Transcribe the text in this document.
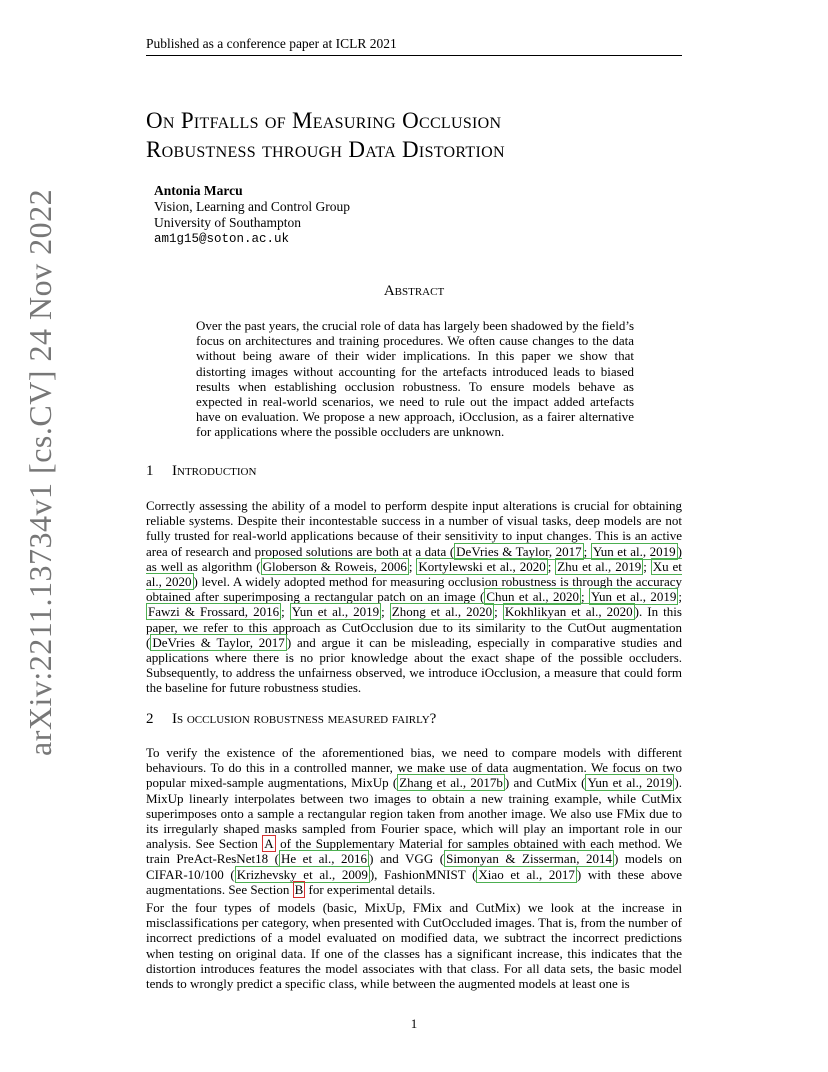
arXiv:2211.13734v1 [cs.CV] 24 Nov 2022
Published as a conference paper at ICLR 2021
On Pitfalls of Measuring Occlusion
Robustness through Data Distortion
Antonia Marcu
Vision, Learning and Control Group
University of Southampton
am1g15@soton.ac.uk
Abstract
Over the past years, the crucial role of data has largely been shadowed by the field’s focus on architectures and training procedures. We often cause changes to the data without being aware of their wider implications. In this paper we show that distorting images without accounting for the artefacts introduced leads to biased results when establishing occlusion robustness. To ensure models behave as expected in real-world scenarios, we need to rule out the impact added artefacts have on evaluation. We propose a new approach, iOcclusion, as a fairer alternative for applications where the possible occluders are unknown.
1 Introduction

Correctly assessing the ability of a model to perform despite input alterations is crucial for obtaining reliable systems. Despite their incontestable success in a number of visual tasks, deep models are not fully trusted for real-world applications because of their sensitivity to input changes. This is an active area of research and proposed solutions are both at a data ( DeVries & Taylor, 2017 ; Yun et al., 2019 ) as well as algorithm ( Globerson & Roweis, 2006 ; Kortylewski et al., 2020 ; Zhu et al., 2019 ; Xu et al., 2020 ) level. A widely adopted method for measuring occlusion robustness is through the accuracy obtained after superimposing a rectangular patch on an image ( Chun et al., 2020 ; Yun et al., 2019 ; Fawzi & Frossard, 2016 ; Yun et al., 2019 ; Zhong et al., 2020 ; Kokhlikyan et al., 2020 ). In this paper, we refer to this approach as CutOcclusion due to its similarity to the CutOut augmentation ( DeVries & Taylor, 2017 ) and argue it can be misleading, especially in comparative studies and applications where there is no prior knowledge about the exact shape of the possible occluders. Subsequently, to address the unfairness observed, we introduce iOcclusion, a measure that could form the baseline for future robustness studies.

2 Is occlusion robustness measured fairly?

To verify the existence of the aforementioned bias, we need to compare models with different behaviours. To do this in a controlled manner, we make use of data augmentation. We focus on two popular mixed-sample augmentations, MixUp ( Zhang et al., 2017b ) and CutMix ( Yun et al., 2019 ). MixUp linearly interpolates between two images to obtain a new training example, while CutMix superimposes onto a sample a rectangular region taken from another image. We also use FMix due to its irregularly shaped masks sampled from Fourier space, which will play an important role in our analysis. See Section A of the Supplementary Material for samples obtained with each method. We train PreAct-ResNet18 ( He et al., 2016 ) and VGG ( Simonyan & Zisserman, 2014 ) models on CIFAR-10/100 ( Krizhevsky et al., 2009 ), FashionMNIST ( Xiao et al., 2017 ) with these above augmentations. See Section B for experimental details.

For the four types of models (basic, MixUp, FMix and CutMix) we look at the increase in misclassifications per category, when presented with CutOccluded images. That is, from the number of incorrect predictions of a model evaluated on modified data, we subtract the incorrect predictions when testing on original data. If one of the classes has a significant increase, this indicates that the distortion introduces features the model associates with that class. For all data sets, the basic model tends to wrongly predict a specific class, while between the augmented models at least one is

1
